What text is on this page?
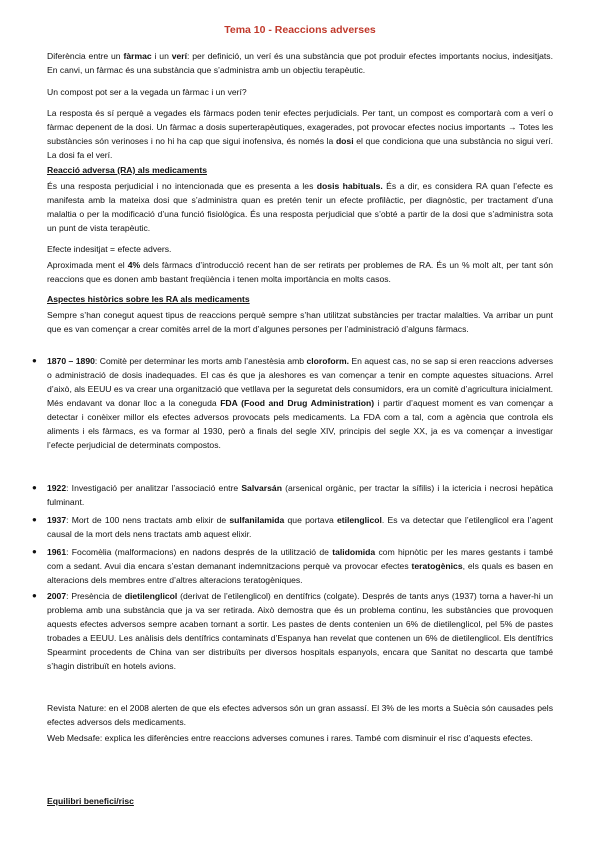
Tema 10 - Reaccions adverses

Diferència entre un fàrmac i un verí: per definició, un verí és una substància que pot produir efectes importants nocius, indesitjats. En canvi, un fàrmac és una substància que s’administra amb un objectiu terapèutic.

Un compost pot ser a la vegada un fàrmac i un verí?

La resposta és sí perquè a vegades els fàrmacs poden tenir efectes perjudicials. Per tant, un compost es comportarà com a verí o fàrmac depenent de la dosi. Un fàrmac a dosis superterapèutiques, exagerades, pot provocar efectes nocius importants → Totes les substàncies són verinoses i no hi ha cap que sigui inofensiva, és només la dosi el que condiciona que una substància no sigui verí. La dosi fa el verí.

Reacció adversa (RA) als medicaments

És una resposta perjudicial i no intencionada que es presenta a les dosis habituals. És a dir, es considera RA quan l’efecte es manifesta amb la mateixa dosi que s’administra quan es pretén tenir un efecte profilàctic, per diagnòstic, per tractament d’una malaltia o per la modificació d’una funció fisiològica. És una resposta perjudicial que s’obté a partir de la dosi que s’administra sota un punt de vista terapèutic.

Efecte indesitjat = efecte advers.

Aproximada ment el 4% dels fàrmacs d’introducció recent han de ser retirats per problemes de RA. És un % molt alt, per tant són reaccions que es donen amb bastant freqüència i tenen molta importància en molts casos.

Aspectes històrics sobre les RA als medicaments

Sempre s’han conegut aquest tipus de reaccions perquè sempre s’han utilitzat substàncies per tractar malalties. Va arribar un punt que es van començar a crear comitès arrel de la mort d’algunes persones per l’administració d’alguns fàrmacs.

● 1870 – 1890: Comitè per determinar les morts amb l’anestèsia amb cloroform. En aquest cas, no se sap si eren reaccions adverses o administració de dosis inadequades. El cas és que ja aleshores es van començar a tenir en compte aquestes situacions. Arrel d’això, als EEUU es va crear una organització que vetllava per la seguretat dels consumidors, era un comitè d’agricultura inicialment. Més endavant va donar lloc a la coneguda FDA (Food and Drug Administration) i partir d’aquest moment es van començar a detectar i conèixer millor els efectes adversos provocats pels medicaments. La FDA com a tal, com a agència que controla els aliments i els fàrmacs, es va formar al 1930, però a finals del segle XIV, principis del segle XX, ja es va començar a investigar l’efecte perjudicial de determinats compostos.

● 1922: Investigació per analitzar l’associació entre Salvarsán (arsenical orgànic, per tractar la sífilis) i la ictericia i necrosi hepàtica fulminant.

● 1937: Mort de 100 nens tractats amb elixir de sulfanilamida que portava etilenglicol. Es va detectar que l’etilenglicol era l’agent causal de la mort dels nens tractats amb aquest elixir.

● 1961: Focomèlia (malformacions) en nadons després de la utilització de talidomida com hipnòtic per les mares gestants i també com a sedant. Avui dia encara s’estan demanant indemnitzacions perquè va provocar efectes teratogènics, els quals es basen en alteracions dels membres entre d’altres alteracions teratogèniques.

● 2007: Presència de dietilenglicol (derivat de l’etilenglicol) en dentífrics (colgate). Després de tants anys (1937) torna a haver-hi un problema amb una substància que ja va ser retirada. Això demostra que és un problema continu, les substàncies que provoquen aquests efectes adversos sempre acaben tornant a sortir. Les pastes de dents contenien un 6% de dietilenglicol, pel 5% de pastes trobades a EEUU. Les anàlisis dels dentífrics contaminats d’Espanya han revelat que contenen un 6% de dietilenglicol. Els dentífrics Spearmint procedents de China van ser distribuïts per diversos hospitals espanyols, encara que Sanitat no descarta que també s’hagin distribuït en hotels avions.

Revista Nature: en el 2008 alerten de que els efectes adversos són un gran assassí. El 3% de les morts a Suècia són causades pels efectes adversos dels medicaments.

Web Medsafe: explica les diferències entre reaccions adverses comunes i rares. També com disminuir el risc d’aquests efectes.

Equilibri benefici/risc
